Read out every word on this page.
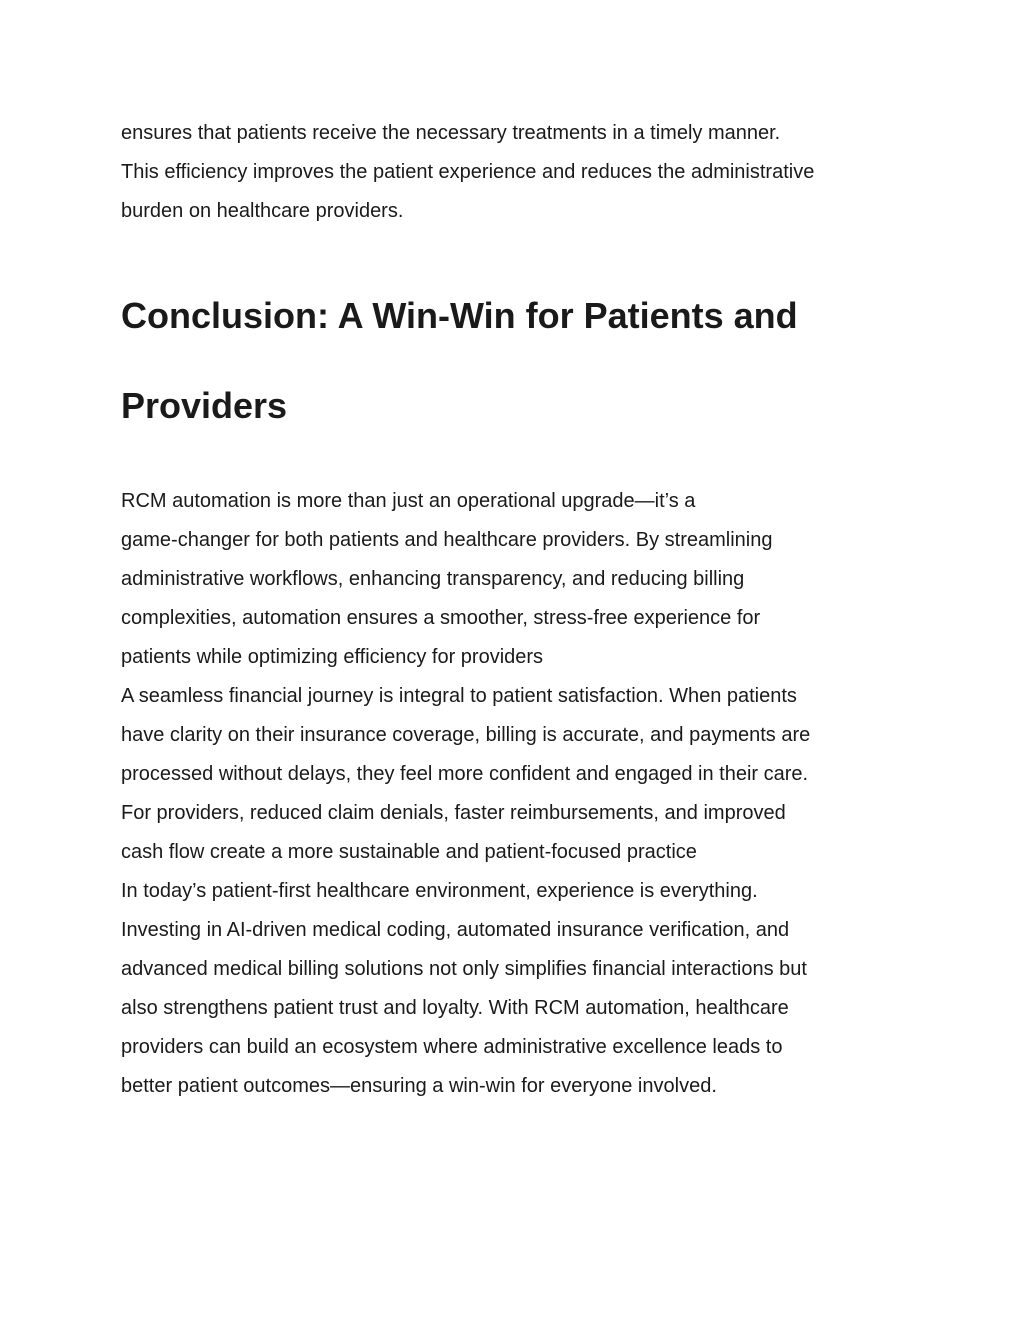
ensures that patients receive the necessary treatments in a timely manner.
This efficiency improves the patient experience and reduces the administrative
burden on healthcare providers.

Conclusion: A Win-Win for Patients and
Providers
RCM automation is more than just an operational upgrade—it’s a
game-changer for both patients and healthcare providers. By streamlining
administrative workflows, enhancing transparency, and reducing billing
complexities, automation ensures a smoother, stress-free experience for
patients while optimizing efficiency for providers
A seamless financial journey is integral to patient satisfaction. When patients
have clarity on their insurance coverage, billing is accurate, and payments are
processed without delays, they feel more confident and engaged in their care.
For providers, reduced claim denials, faster reimbursements, and improved
cash flow create a more sustainable and patient-focused practice
In today’s patient-first healthcare environment, experience is everything.
Investing in AI-driven medical coding, automated insurance verification, and
advanced medical billing solutions not only simplifies financial interactions but
also strengthens patient trust and loyalty. With RCM automation, healthcare
providers can build an ecosystem where administrative excellence leads to
better patient outcomes—ensuring a win-win for everyone involved.
